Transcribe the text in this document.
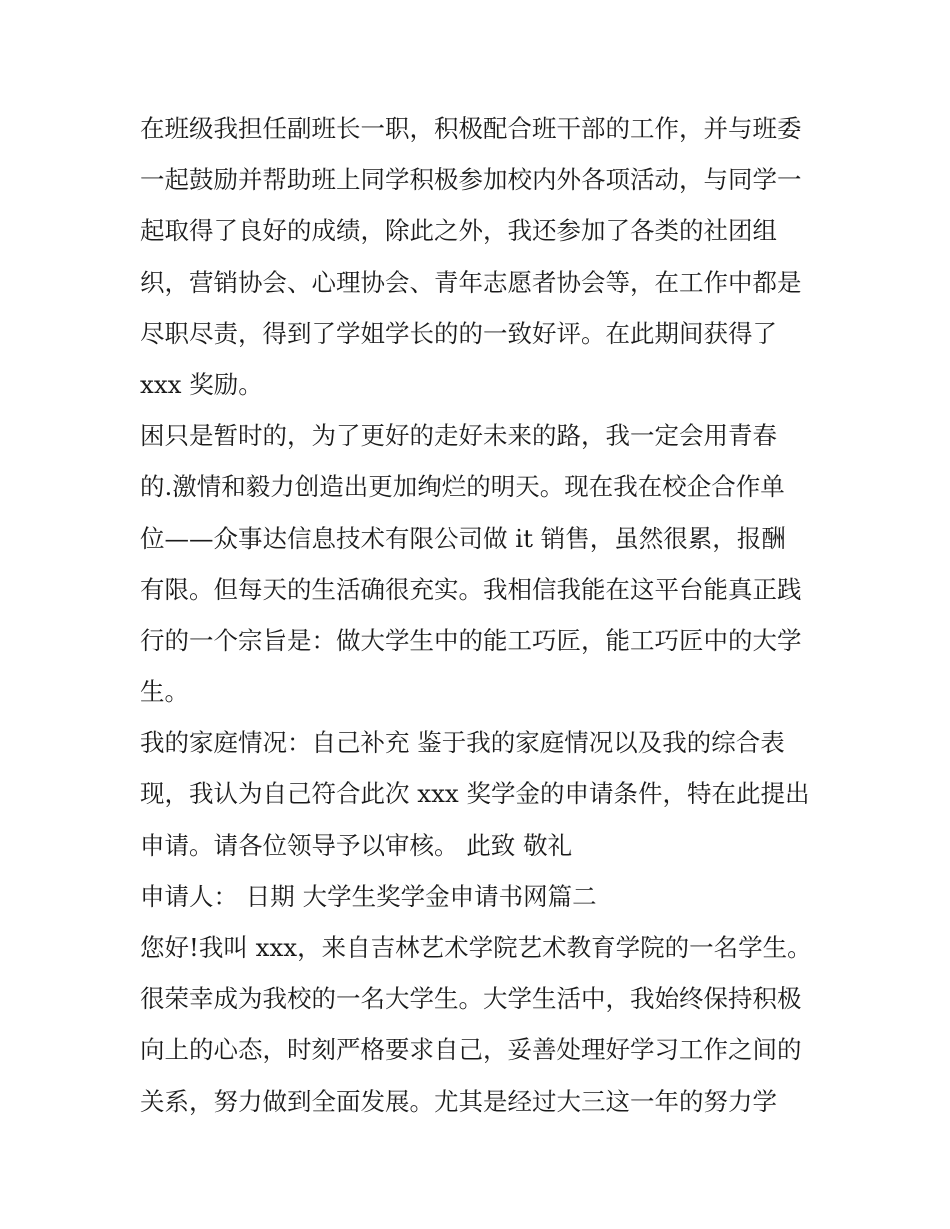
在班级我担任副班长一职，积极配合班干部的工作，并与班委
一起鼓励并帮助班上同学积极参加校内外各项活动，与同学一
起取得了良好的成绩，除此之外，我还参加了各类的社团组
织，营销协会、心理协会、青年志愿者协会等，在工作中都是
尽职尽责，得到了学姐学长的的一致好评。在此期间获得了
xxx 奖励。
困只是暂时的，为了更好的走好未来的路，我一定会用青春
的.激情和毅力创造出更加绚烂的明天。现在我在校企合作单
位——众事达信息技术有限公司做 it 销售，虽然很累，报酬
有限。但每天的生活确很充实。我相信我能在这平台能真正践
行的一个宗旨是：做大学生中的能工巧匠，能工巧匠中的大学
生。
我的家庭情况：自己补充 鉴于我的家庭情况以及我的综合表
现，我认为自己符合此次 xxx 奖学金的申请条件，特在此提出
申请。请各位领导予以审核。 此致 敬礼
申请人： 日期 大学生奖学金申请书网篇二
您好!我叫 xxx，来自吉林艺术学院艺术教育学院的一名学生。
很荣幸成为我校的一名大学生。大学生活中，我始终保持积极
向上的心态，时刻严格要求自己，妥善处理好学习工作之间的
关系，努力做到全面发展。尤其是经过大三这一年的努力学
